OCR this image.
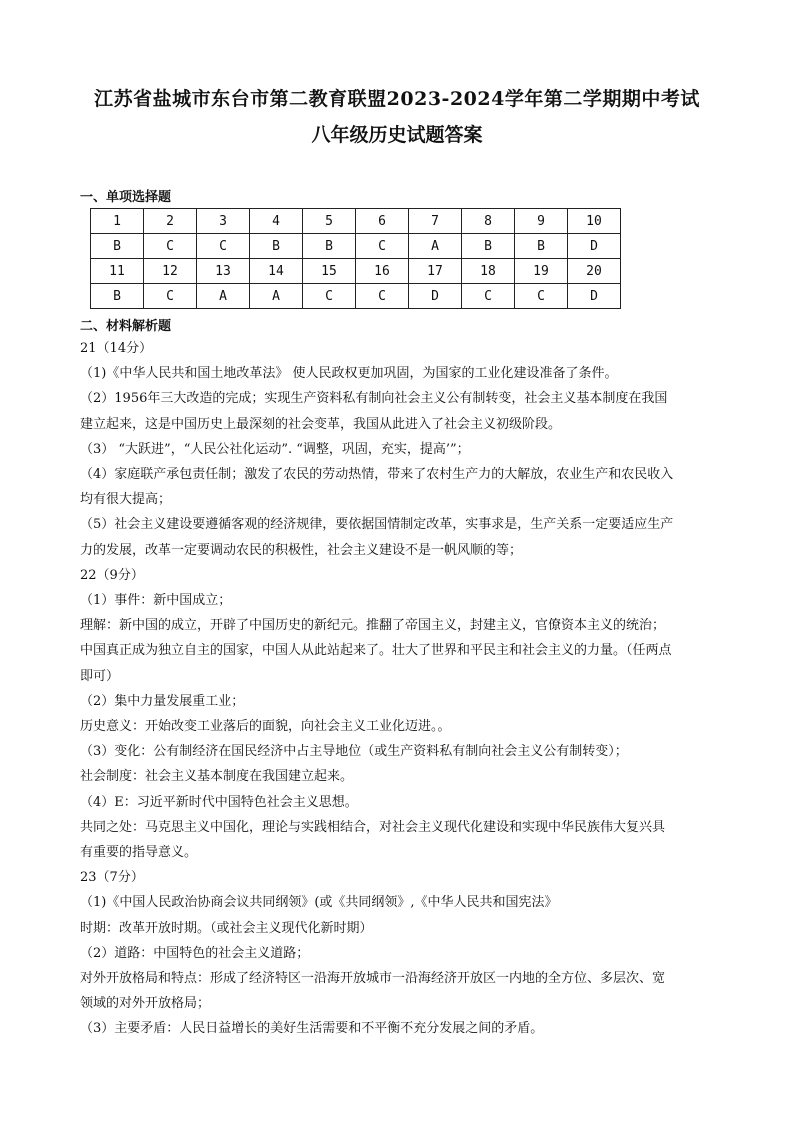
江苏省盐城市东台市第二教育联盟2023-2024学年第二学期期中考试
八年级历史试题答案
一、单项选择题
1	2	3	4	5	6	7	8	9	10
B	C	C	B	B	C	A	B	B	D
11	12	13	14	15	16	17	18	19	20
B	C	A	A	C	C	D	C	C	D
二、材料解析题

21（14分）

（1)《中华人民共和国土地改革法》 使人民政权更加巩固，为国家的工业化建设准备了条件。

（2）1956年三大改造的完成；实现生产资料私有制向社会主义公有制转变，社会主义基本制度在我国

建立起来，这是中国历史上最深刻的社会变革，我国从此进入了社会主义初级阶段。

（3） “大跃进”，“人民公社化运动”. “调整，巩固，充实，提高’”；

（4）家庭联产承包责任制；激发了农民的劳动热情，带来了农村生产力的大解放，农业生产和农民收入

均有很大提高；

（5）社会主义建设要遵循客观的经济规律，要依据国情制定改革，实事求是，生产关系一定要适应生产

力的发展，改革一定要调动农民的积极性，社会主义建设不是一帆风顺的等；

22（9分）

（1）事件：新中国成立；

理解：新中国的成立，开辟了中国历史的新纪元。推翻了帝国主义，封建主义，官僚资本主义的统治；

中国真正成为独立自主的国家，中国人从此站起来了。壮大了世界和平民主和社会主义的力量。（任两点

即可）

（2）集中力量发展重工业；

历史意义：开始改变工业落后的面貌，向社会主义工业化迈进。。

（3）变化：公有制经济在国民经济中占主导地位（或生产资料私有制向社会主义公有制转变）；

社会制度：社会主义基本制度在我国建立起来。

（4）E：习近平新时代中国特色社会主义思想。

共同之处：马克思主义中国化，理论与实践相结合，对社会主义现代化建设和实现中华民族伟大复兴具

有重要的指导意义。

23（7分）

（1)《中国人民政治协商会议共同纲领》(或《共同纲领》,《中华人民共和国宪法》

时期：改革开放时期。（或社会主义现代化新时期）

（2）道路：中国特色的社会主义道路；

对外开放格局和特点：形成了经济特区一沿海开放城市一沿海经济开放区一内地的全方位、多层次、宽

领域的对外开放格局；

（3）主要矛盾：人民日益增长的美好生活需要和不平衡不充分发展之间的矛盾。
